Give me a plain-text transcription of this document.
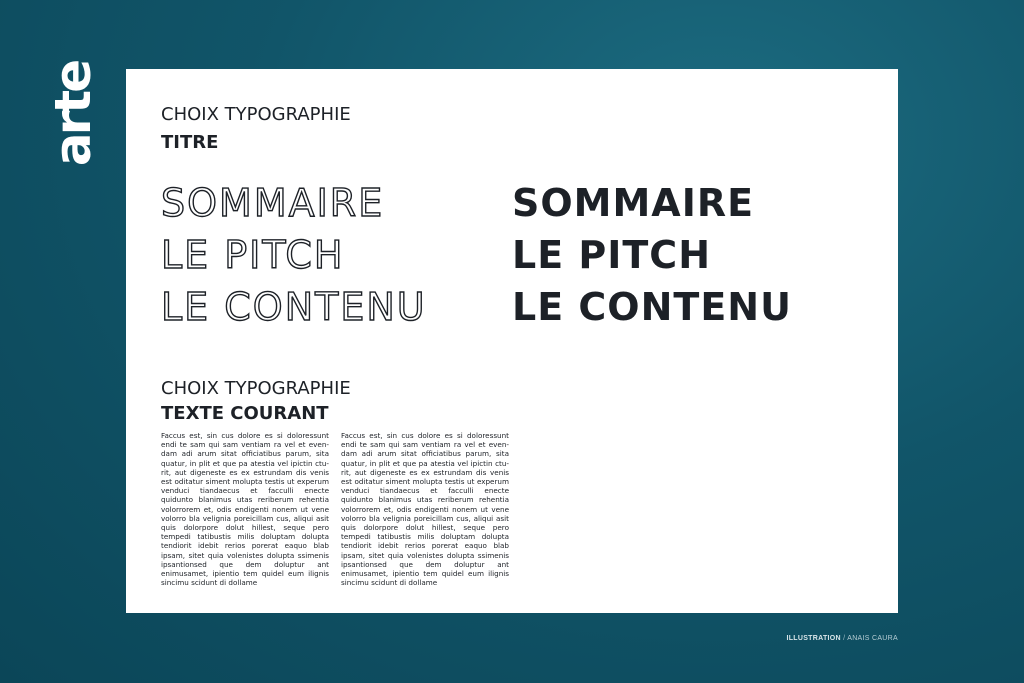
arte	CHOIX TYPOGRAPHIE

TITRE

SOMMAIRE
LE PITCH
LE CONTENU
SOMMAIRE
LE PITCH
LE CONTENU

CHOIX TYPOGRAPHIE

TEXTE COURANT

Faccus est, sin cus dolore es si doloressunt endi te sam qui sam ventiam ra vel et evendam adi arum sitat officiatibus parum, sita quatur, in plit et que pa atestia vel ipictin cturit, aut digeneste es ex estrundam dis venis est oditatur siment molupta testis ut experum venduci tiandaecus et facculli enecte quidunto blanimus utas reriberum rehentia volorrorem et, odis endigenti nonem ut vene volorro bla velignia poreicillam cus, aliqui asit quis dolorpore dolut hillest, seque pero tempedi tatibustis milis doluptam dolupta tendiorit idebit rerios porerat eaquo blab ipsam, sitet quia volenistes dolupta ssimenis ipsantionsed que dem doluptur ant enimusamet, ipientio tem quidel eum ilignis sincimu scidunt di dollame

Faccus est, sin cus dolore es si doloressunt endi te sam qui sam ventiam ra vel et evendam adi arum sitat officiatibus parum, sita quatur, in plit et que pa atestia vel ipictin cturit, aut digeneste es ex estrundam dis venis est oditatur siment molupta testis ut experum venduci tiandaecus et facculli enecte quidunto blanimus utas reriberum rehentia volorrorem et, odis endigenti nonem ut vene volorro bla velignia poreicillam cus, aliqui asit quis dolorpore dolut hillest, seque pero tempedi tatibustis milis doluptam dolupta tendiorit idebit rerios porerat eaquo blab ipsam, sitet quia volenistes dolupta ssimenis ipsantionsed que dem doluptur ant enimusamet, ipientio tem quidel eum ilignis sincimu scidunt di dollame

ILLUSTRATION / ANAIS CAURA
